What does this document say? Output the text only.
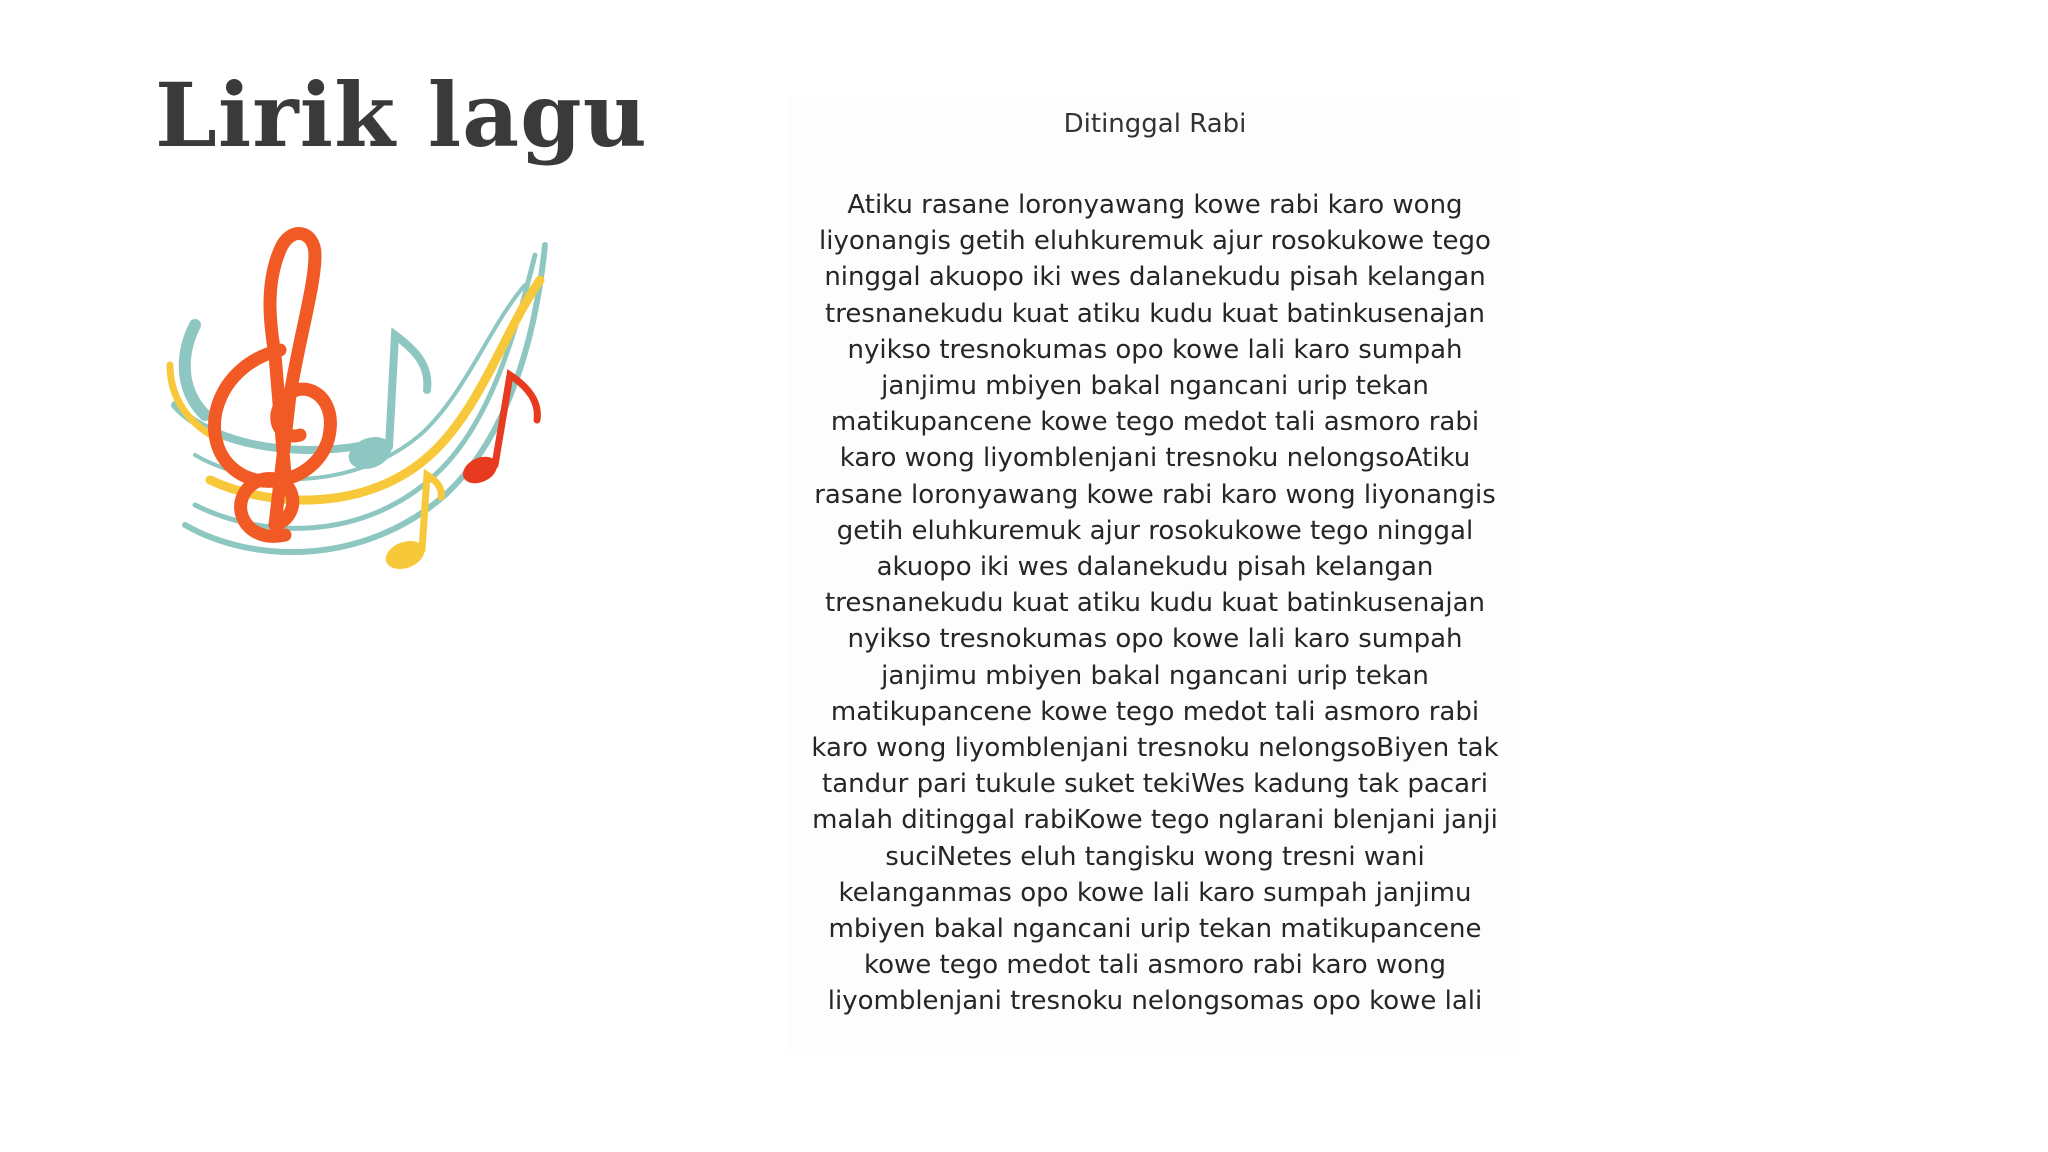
Lirik lagu	Ditinggal Rabi
Atiku rasane loronyawang kowe rabi karo wong
liyonangis getih eluhkuremuk ajur rosokukowe tego
ninggal akuopo iki wes dalanekudu pisah kelangan
tresnanekudu kuat atiku kudu kuat batinkusenajan
nyikso tresnokumas opo kowe lali karo sumpah
janjimu mbiyen bakal ngancani urip tekan
matikupancene kowe tego medot tali asmoro rabi
karo wong liyomblenjani tresnoku nelongsoAtiku
rasane loronyawang kowe rabi karo wong liyonangis
getih eluhkuremuk ajur rosokukowe tego ninggal
akuopo iki wes dalanekudu pisah kelangan
tresnanekudu kuat atiku kudu kuat batinkusenajan
nyikso tresnokumas opo kowe lali karo sumpah
janjimu mbiyen bakal ngancani urip tekan
matikupancene kowe tego medot tali asmoro rabi
karo wong liyomblenjani tresnoku nelongsoBiyen tak
tandur pari tukule suket tekiWes kadung tak pacari
malah ditinggal rabiKowe tego nglarani blenjani janji
suciNetes eluh tangisku wong tresni wani
kelanganmas opo kowe lali karo sumpah janjimu
mbiyen bakal ngancani urip tekan matikupancene
kowe tego medot tali asmoro rabi karo wong
liyomblenjani tresnoku nelongsomas opo kowe lali
